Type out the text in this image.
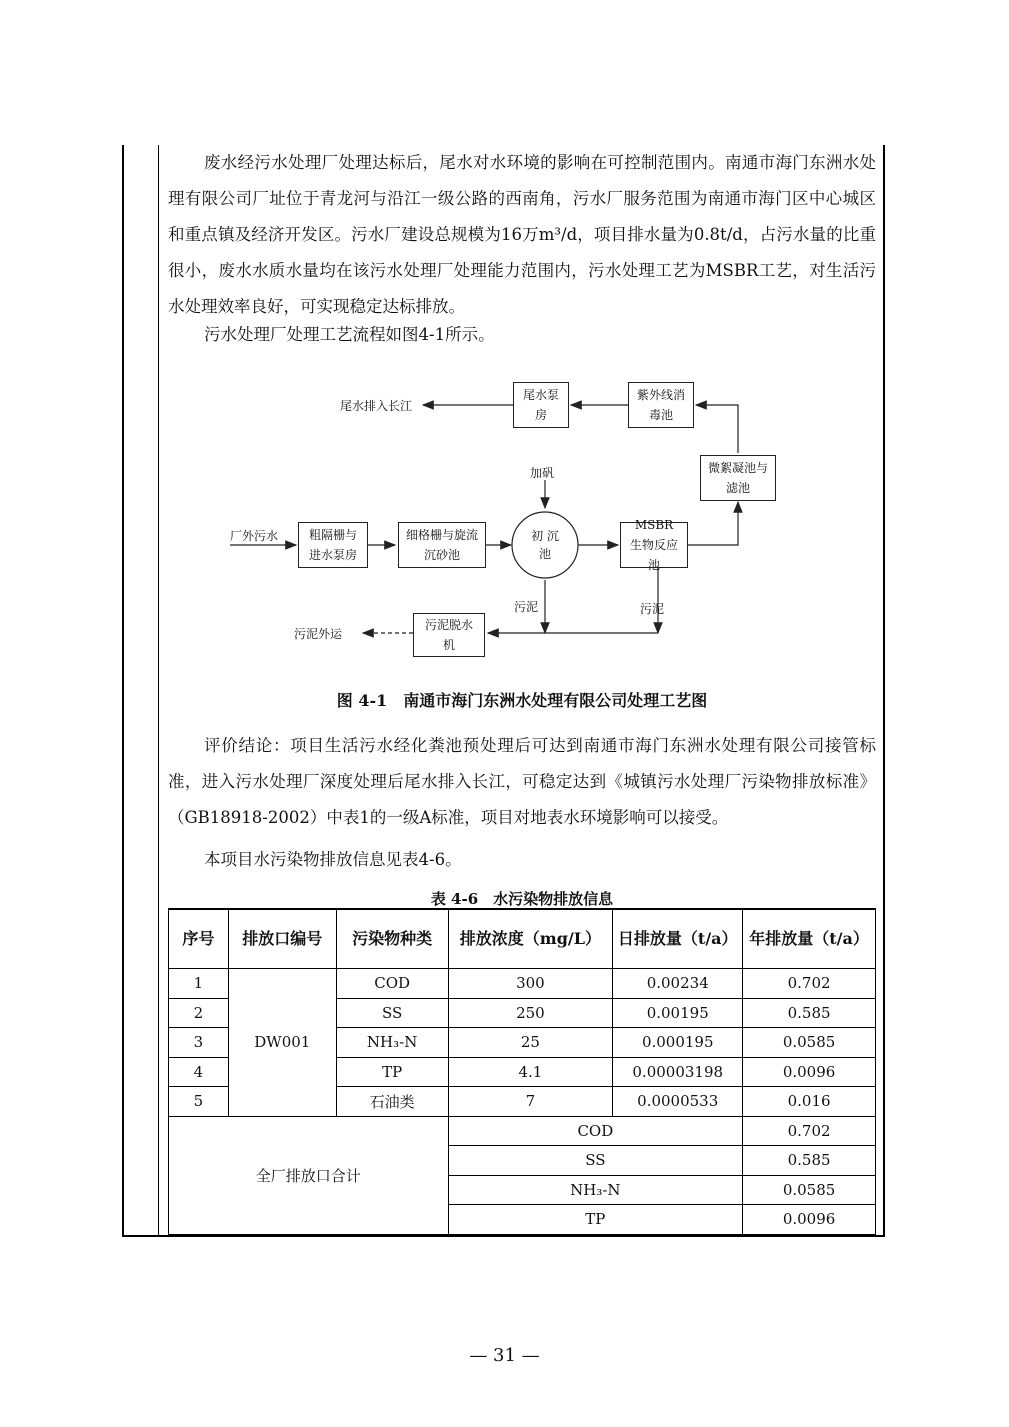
废水经污水处理厂处理达标后，尾水对水环境的影响在可控制范围内。南通市海门东洲水处理有限公司厂址位于青龙河与沿江一级公路的西南角，污水厂服务范围为南通市海门区中心城区和重点镇及经济开发区。污水厂建设总规模为16万m³/d，项目排水量为0.8t/d，占污水量的比重很小，废水水质水量均在该污水处理厂处理能力范围内，污水处理工艺为MSBR工艺，对生活污水处理效率良好，可实现稳定达标排放。

污水处理厂处理工艺流程如图4-1所示。

厂外污水	粗隔栅与进水泵房
细格栅与旋流沉砂池
初 沉 池
加矾
MSBR 生物反应池
微絮凝池与滤池
紫外线消毒池
尾水泵房
尾水排入长江
污泥	污泥
污泥脱水机
污泥外运
图 4-1　南通市海门东洲水处理有限公司处理工艺图

评价结论：项目生活污水经化粪池预处理后可达到南通市海门东洲水处理有限公司接管标准，进入污水处理厂深度处理后尾水排入长江，可稳定达到《城镇污水处理厂污染物排放标准》（GB18918-2002）中表1的一级A标准，项目对地表水环境影响可以接受。

本项目水污染物排放信息见表4-6。

表 4-6　水污染物排放信息
序号	排放口编号	污染物种类	排放浓度（mg/L）	日排放量（t/a）	年排放量（t/a）
1	DW001	COD	300	0.00234	0.702
2		SS	250	0.00195	0.585
3		NH₃-N	25	0.000195	0.0585
4		TP	4.1	0.00003198	0.0096
5		石油类	7	0.0000533	0.016
全厂排放口合计			COD		0.702
			SS		0.585
			NH₃-N		0.0585
			TP		0.0096
— 31 —
